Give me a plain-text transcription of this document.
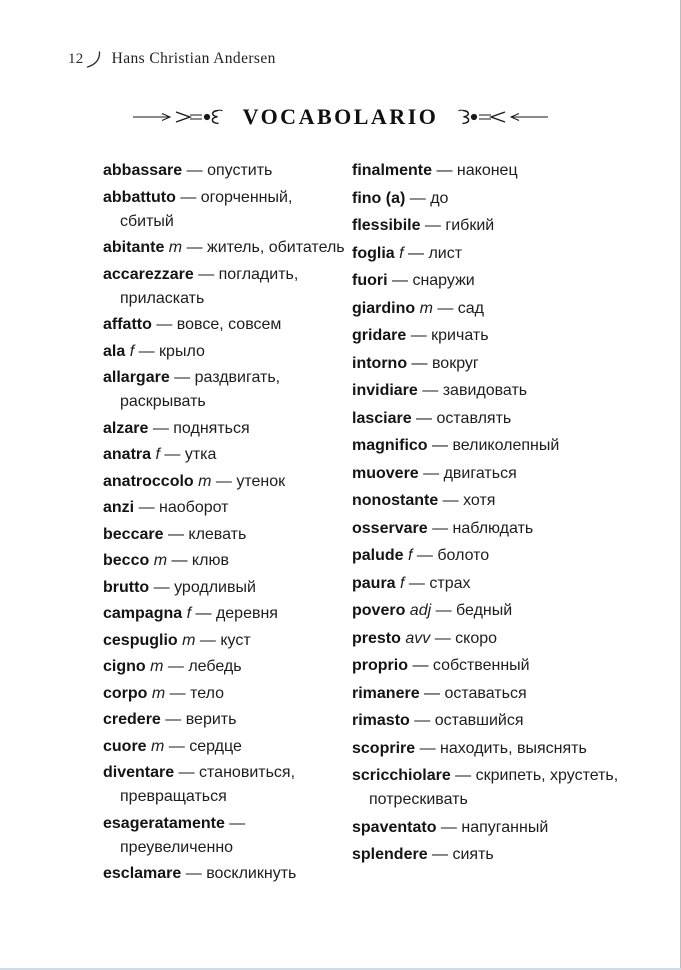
12 Hans Christian Andersen
VOCABOLARIO

abbassare — опустить

abbattuto — огорченный, сбитый

abitante m — житель, обитатель

accarezzare — погладить, приласкать

affatto — вовсе, совсем

ala f — крыло

allargare — раздвигать, раскрывать

alzare — подняться

anatra f — утка

anatroccolo m — утенок

anzi — наоборот

beccare — клевать

becco m — клюв

brutto — уродливый

campagna f — деревня

cespuglio m — куст

cigno m — лебедь

corpo m — тело

credere — верить

cuore m — сердце

diventare — становиться, превращаться

esageratamente — преувеличенно

esclamare — воскликнуть

finalmente — наконец

fino (a) — до

flessibile — гибкий

foglia f — лист

fuori — снаружи

giardino m — сад

gridare — кричать

intorno — вокруг

invidiare — завидовать

lasciare — оставлять

magnifico — великолепный

muovere — двигаться

nonostante — хотя

osservare — наблюдать

palude f — болото

paura f — страх

povero adj — бедный

presto avv — скоро

proprio — собственный

rimanere — оставаться

rimasto — оставшийся

scoprire — находить, выяснять

scricchiolare — скрипеть, хрустеть, потрескивать

spaventato — напуганный

splendere — сиять
